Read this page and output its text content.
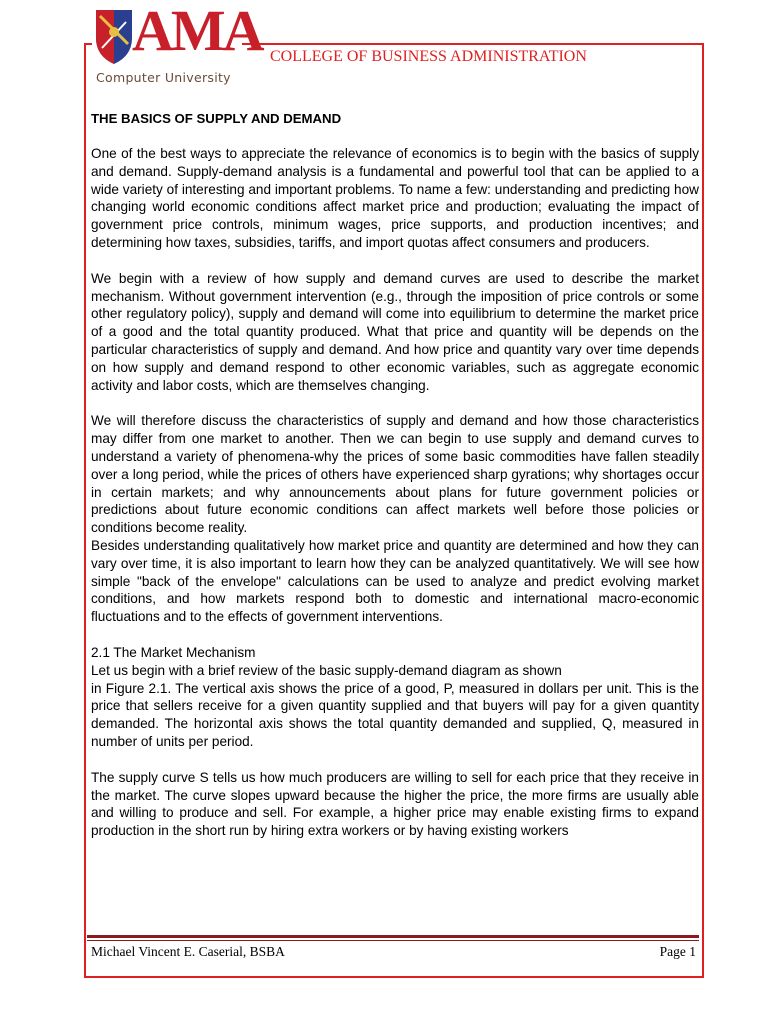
AMA
Computer University
COLLEGE OF BUSINESS ADMINISTRATION
THE BASICS OF SUPPLY AND DEMAND

One of the best ways to appreciate the relevance of economics is to begin with the basics of supply and demand. Supply-demand analysis is a fundamental and powerful tool that can be applied to a wide variety of interesting and important problems. To name a few: understanding and predicting how changing world economic conditions affect market price and production; evaluating the impact of government price controls, minimum wages, price supports, and production incentives; and determining how taxes, subsidies, tariffs, and import quotas affect consumers and producers.

We begin with a review of how supply and demand curves are used to describe the market mechanism. Without government intervention (e.g., through the imposition of price controls or some other regulatory policy), supply and demand will come into equilibrium to determine the market price of a good and the total quantity produced. What that price and quantity will be depends on the particular characteristics of supply and demand. And how price and quantity vary over time depends on how supply and demand respond to other economic variables, such as aggregate economic activity and labor costs, which are themselves changing.

We will therefore discuss the characteristics of supply and demand and how those characteristics may differ from one market to another. Then we can begin to use supply and demand curves to understand a variety of phenomena-why the prices of some basic commodities have fallen steadily over a long period, while the prices of others have experienced sharp gyrations; why shortages occur in certain markets; and why announcements about plans for future government policies or predictions about future economic conditions can affect markets well before those policies or conditions become reality.

Besides understanding qualitatively how market price and quantity are determined and how they can vary over time, it is also important to learn how they can be analyzed quantitatively. We will see how simple "back of the envelope" calculations can be used to analyze and predict evolving market conditions, and how markets respond both to domestic and international macro-economic fluctuations and to the effects of government interventions.

2.1 The Market Mechanism

Let us begin with a brief review of the basic supply-demand diagram as shown

in Figure 2.1. The vertical axis shows the price of a good, P, measured in dollars per unit. This is the price that sellers receive for a given quantity supplied and that buyers will pay for a given quantity demanded. The horizontal axis shows the total quantity demanded and supplied, Q, measured in number of units per period.

The supply curve S tells us how much producers are willing to sell for each price that they receive in the market. The curve slopes upward because the higher the price, the more firms are usually able and willing to produce and sell. For example, a higher price may enable existing firms to expand production in the short run by hiring extra workers or by having existing workers

Michael Vincent E. Caserial, BSBA	Page 1
